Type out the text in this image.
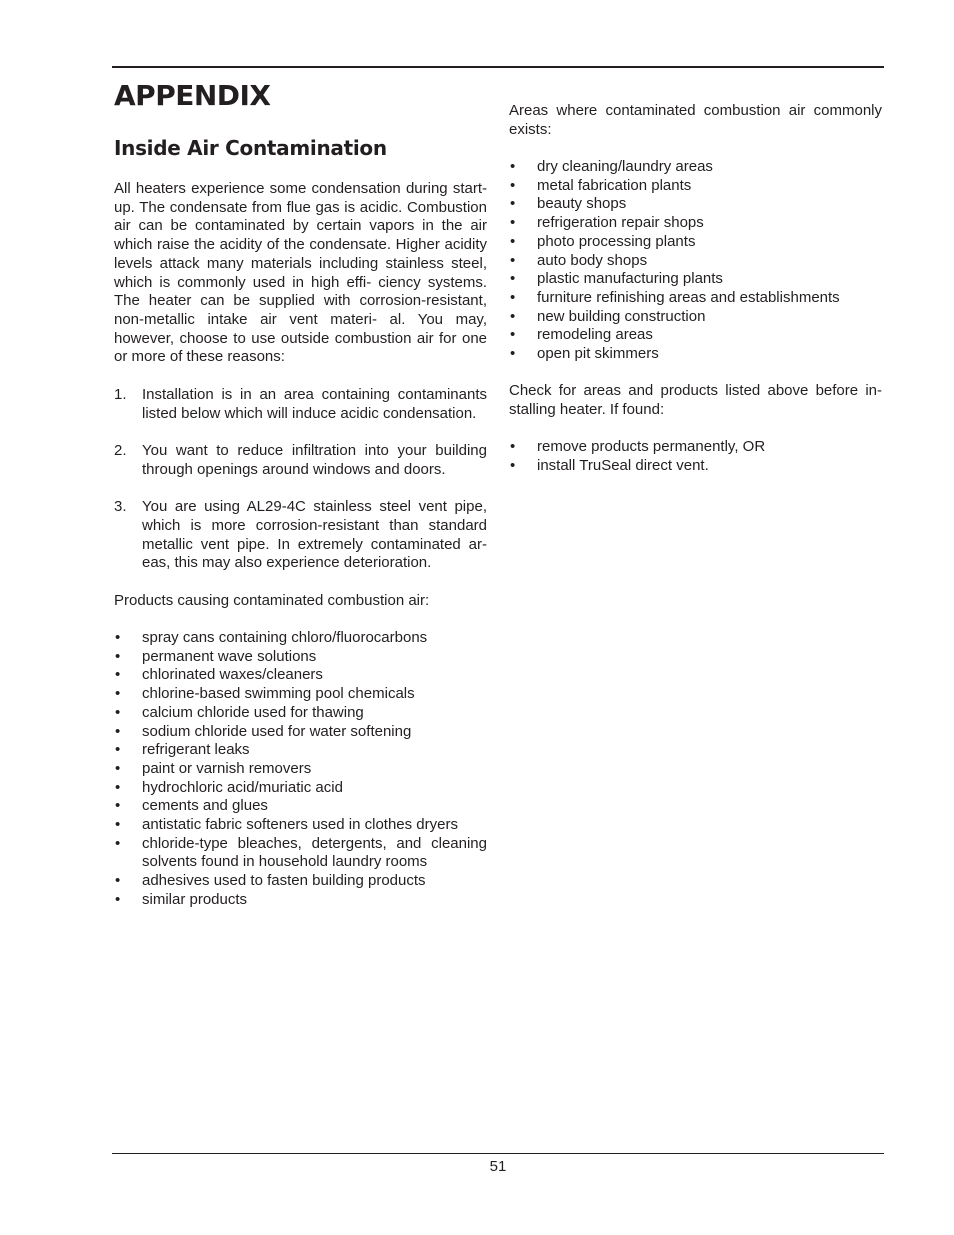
APPENDIX
Inside Air Contamination

All heaters experience some condensation during start-up. The condensate from flue gas is acidic. Combustion air can be contaminated by certain vapors in the air which raise the acidity of the condensate. Higher acidity levels attack many materials including stainless steel, which is commonly used in high effi- ciency systems. The heater can be supplied with corrosion-resistant, non-metallic intake air vent materi- al. You may, however, choose to use outside combustion air for one or more of these reasons:

1. Installation is in an area containing contaminants listed below which will induce acidic condensation.
2. You want to reduce infiltration into your building through openings around windows and doors.
3. You are using AL29-4C stainless steel vent pipe, which is more corrosion-resistant than standard metallic vent pipe. In extremely contaminated ar- eas, this may also experience deterioration.

Products causing contaminated combustion air:

• spray cans containing chloro/fluorocarbons
• permanent wave solutions
• chlorinated waxes/cleaners
• chlorine-based swimming pool chemicals
• calcium chloride used for thawing
• sodium chloride used for water softening
• refrigerant leaks
• paint or varnish removers
• hydrochloric acid/muriatic acid
• cements and glues
• antistatic fabric softeners used in clothes dryers
• chloride-type bleaches, detergents, and cleaning solvents found in household laundry rooms
• adhesives used to fasten building products
• similar products

Areas where contaminated combustion air commonly exists:

• dry cleaning/laundry areas
• metal fabrication plants
• beauty shops
• refrigeration repair shops
• photo processing plants
• auto body shops
• plastic manufacturing plants
• furniture refinishing areas and establishments
• new building construction
• remodeling areas
• open pit skimmers

Check for areas and products listed above before in- stalling heater. If found:

• remove products permanently, OR
• install TruSeal direct vent.
51
